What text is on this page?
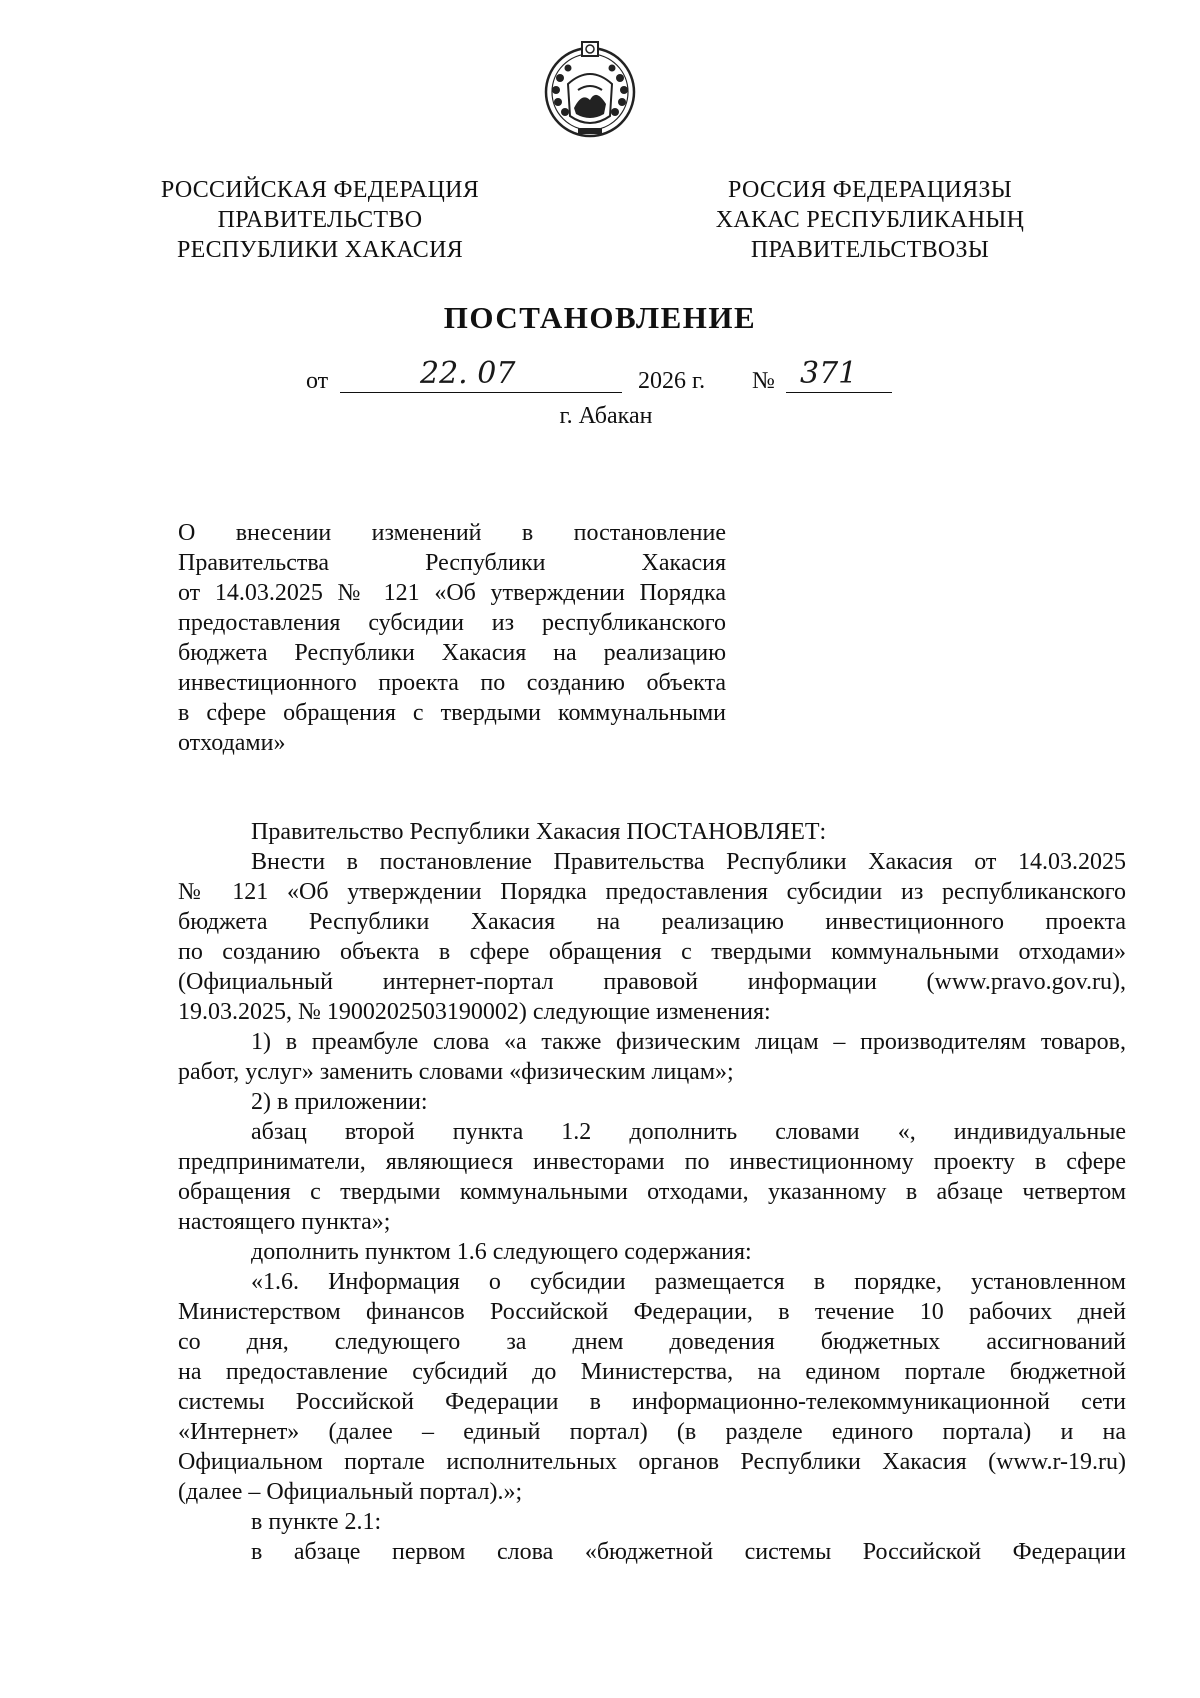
РОССИЙСКАЯ ФЕДЕРАЦИЯ
ПРАВИТЕЛЬСТВО
РЕСПУБЛИКИ ХАКАСИЯ
РОССИЯ ФЕДЕРАЦИЯЗЫ
ХАКАС РЕСПУБЛИКАНЫҢ
ПРАВИТЕЛЬСТВОЗЫ
ПОСТАНОВЛЕНИЕ
от	22. 07	2026 г. № 371
г. Абакан
О внесении изменений в постановление
Правительства Республики Хакасия
от 14.03.2025 № 121 «Об утверждении Порядка
предоставления субсидии из республиканского
бюджета Республики Хакасия на реализацию
инвестиционного проекта по созданию объекта
в сфере обращения с твердыми коммунальными
отходами»
Правительство Республики Хакасия ПОСТАНОВЛЯЕТ:
Внести в постановление Правительства Республики Хакасия от 14.03.2025
№ 121 «Об утверждении Порядка предоставления субсидии из республиканского
бюджета Республики Хакасия на реализацию инвестиционного проекта
по созданию объекта в сфере обращения с твердыми коммунальными отходами»
(Официальный интернет-портал правовой информации (www.pravo.gov.ru),
19.03.2025, № 1900202503190002) следующие изменения:
1) в преамбуле слова «а также физическим лицам – производителям товаров,
работ, услуг» заменить словами «физическим лицам»;
2) в приложении:
абзац второй пункта 1.2 дополнить словами «, индивидуальные
предприниматели, являющиеся инвесторами по инвестиционному проекту в сфере
обращения с твердыми коммунальными отходами, указанному в абзаце четвертом
настоящего пункта»;
дополнить пунктом 1.6 следующего содержания:
«1.6. Информация о субсидии размещается в порядке, установленном
Министерством финансов Российской Федерации, в течение 10 рабочих дней
со дня, следующего за днем доведения бюджетных ассигнований
на предоставление субсидий до Министерства, на едином портале бюджетной
системы Российской Федерации в информационно-телекоммуникационной сети
«Интернет» (далее – единый портал) (в разделе единого портала) и на
Официальном портале исполнительных органов Республики Хакасия (www.r-19.ru)
(далее – Официальный портал).»;
в пункте 2.1:
в абзаце первом слова «бюджетной системы Российской Федерации
